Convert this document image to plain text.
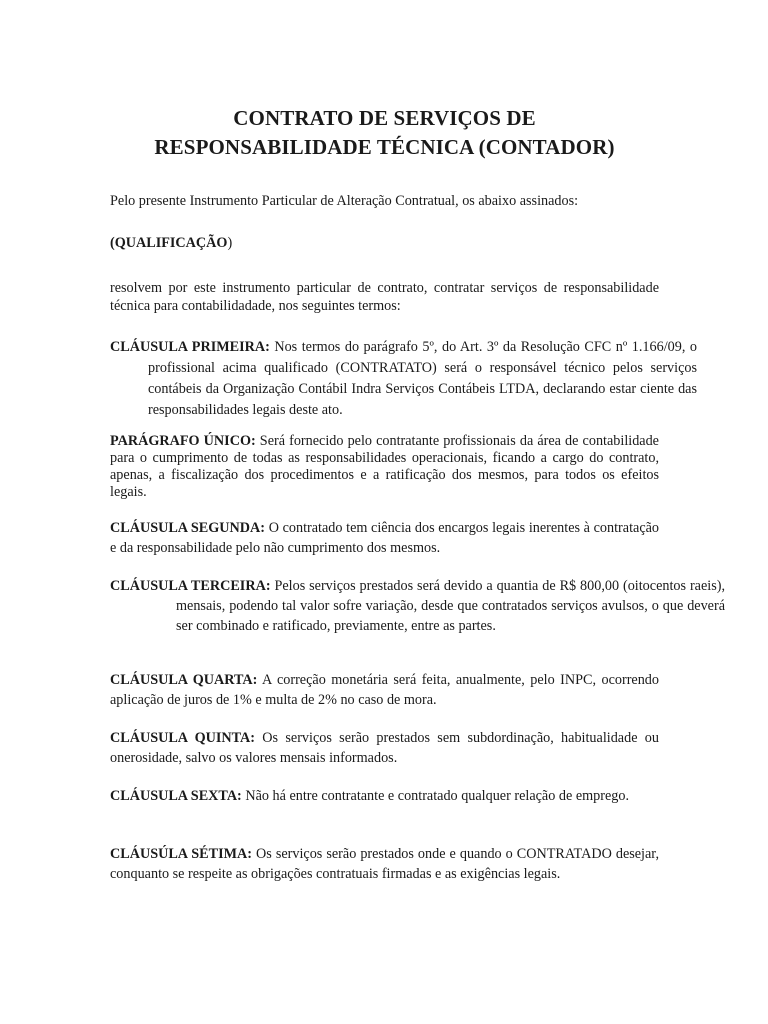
CONTRATO DE SERVIÇOS DE
RESPONSABILIDADE TÉCNICA (CONTADOR)
Pelo presente Instrumento Particular de Alteração Contratual, os abaixo assinados:
(QUALIFICAÇÃO)
resolvem por este instrumento particular de contrato, contratar serviços de responsabilidade técnica para contabilidadade, nos seguintes termos:
CLÁUSULA PRIMEIRA: Nos termos do parágrafo 5º, do Art. 3º da Resolução CFC nº 1.166/09, o profissional acima qualificado (CONTRATATO) será o responsável técnico pelos serviços contábeis da Organização Contábil Indra Serviços Contábeis LTDA, declarando estar ciente das responsabilidades legais deste ato.
PARÁGRAFO ÚNICO: Será fornecido pelo contratante profissionais da área de contabilidade para o cumprimento de todas as responsabilidades operacionais, ficando a cargo do contrato, apenas, a fiscalização dos procedimentos e a ratificação dos mesmos, para todos os efeitos legais.
CLÁUSULA SEGUNDA: O contratado tem ciência dos encargos legais inerentes à contratação e da responsabilidade pelo não cumprimento dos mesmos.
CLÁUSULA TERCEIRA: Pelos serviços prestados será devido a quantia de R$ 800,00 (oitocentos raeis), mensais, podendo tal valor sofre variação, desde que contratados serviços avulsos, o que deverá ser combinado e ratificado, previamente, entre as partes.
CLÁUSULA QUARTA: A correção monetária será feita, anualmente, pelo INPC, ocorrendo aplicação de juros de 1% e multa de 2% no caso de mora.
CLÁUSULA QUINTA: Os serviços serão prestados sem subdordinação, habitualidade ou onerosidade, salvo os valores mensais informados.
CLÁUSULA SEXTA: Não há entre contratante e contratado qualquer relação de emprego.
CLÁUSÚLA SÉTIMA: Os serviços serão prestados onde e quando o CONTRATADO desejar, conquanto se respeite as obrigações contratuais firmadas e as exigências legais.
